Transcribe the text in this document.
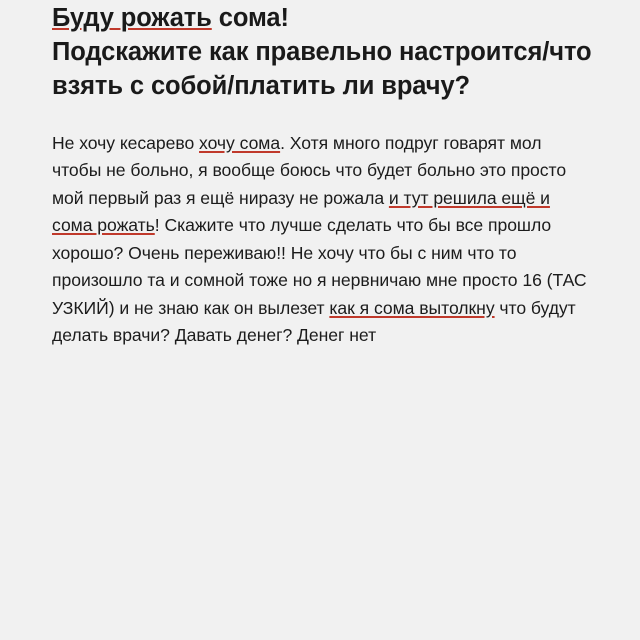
Буду рожать сома!
Подскажите как правельно настроится/что взять с собой/платить ли врачу?
Не хочу кесарево хочу сома. Хотя много подруг говарят мол чтобы не больно, я вообще боюсь что будет больно это просто мой первый раз я ещё ниразу не рожала и тут решила ещё и сома рожать! Скажите что лучше сделать что бы все прошло хорошо? Очень переживаю!! Не хочу что бы с ним что то произошло та и сомной тоже но я нервничаю мне просто 16 (ТАС УЗКИЙ) и не знаю как он вылезет как я сома вытолкну что будут делать врачи? Давать денег? Денег нет
